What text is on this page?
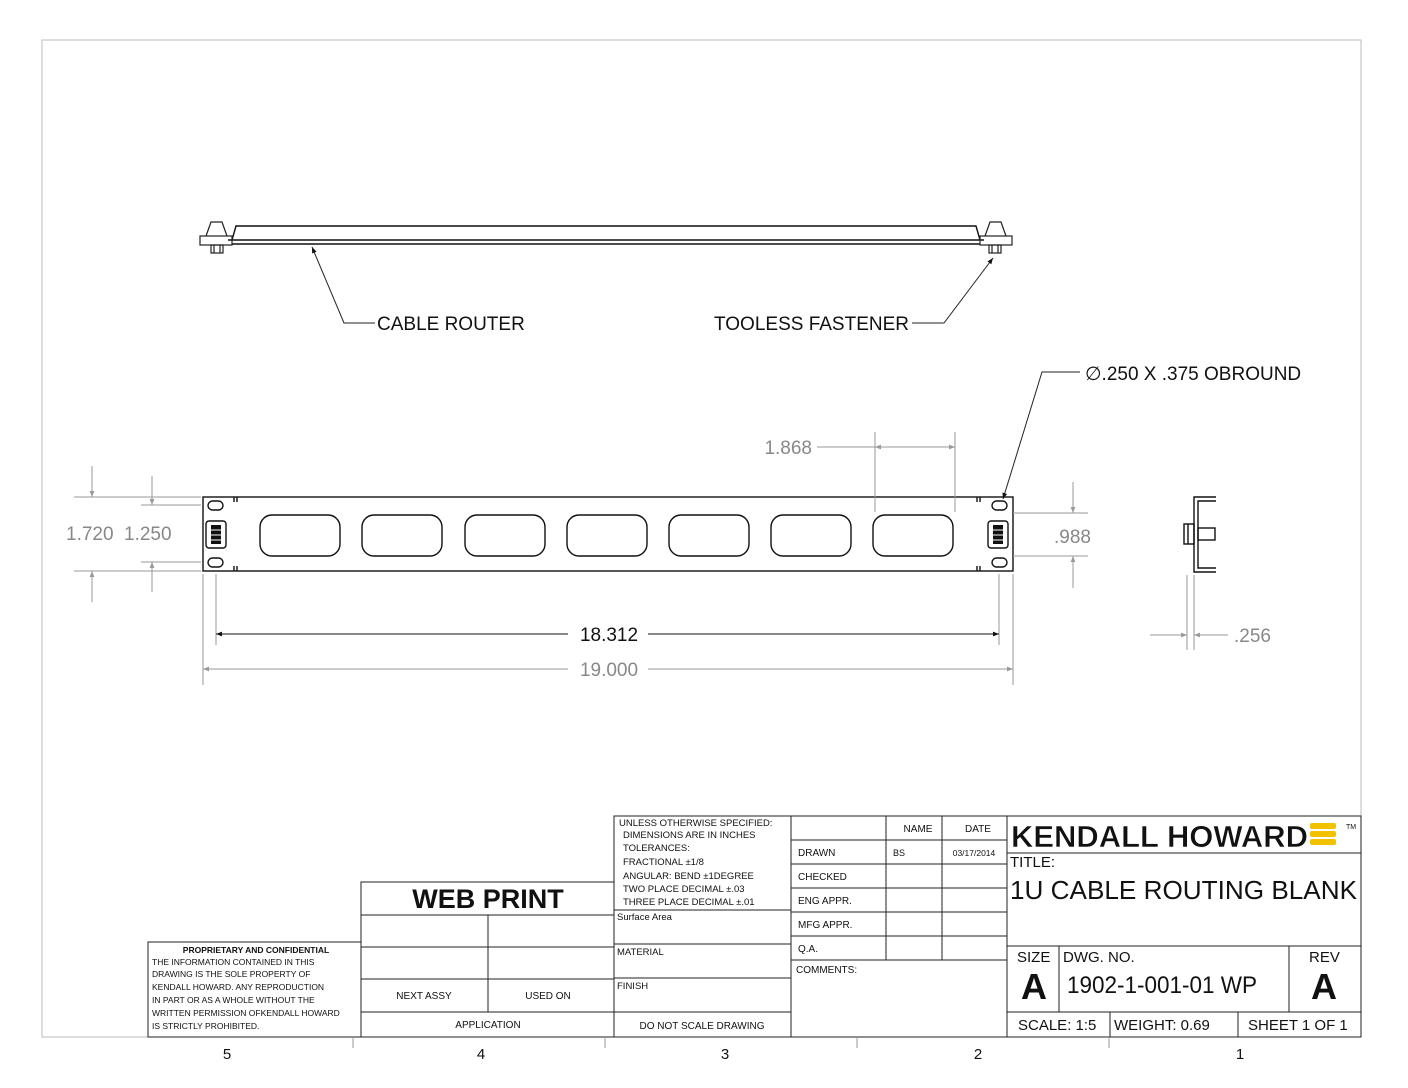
CABLE ROUTER	TOOLESS FASTENER
∅.250 X .375 OBROUND
1.868
1.720 1.250	.988
18.312
19.000
.256
PROPRIETARY AND CONFIDENTIAL
THE INFORMATION CONTAINED IN THIS
DRAWING IS THE SOLE PROPERTY OF
KENDALL HOWARD. ANY REPRODUCTION
IN PART OR AS A WHOLE WITHOUT THE
WRITTEN PERMISSION OFKENDALL HOWARD
IS STRICTLY PROHIBITED.
WEB PRINT
NEXT ASSY	USED ON
APPLICATION
UNLESS OTHERWISE SPECIFIED:
DIMENSIONS ARE IN INCHES
TOLERANCES:
FRACTIONAL ±1/8
ANGULAR: BEND ±1DEGREE
TWO PLACE DECIMAL ±.03
THREE PLACE DECIMAL ±.01
Surface Area
MATERIAL
FINISH
DO NOT SCALE DRAWING
NAME	DATE
DRAWN	BS	03/17/2014
CHECKED
ENG APPR.
MFG APPR.
Q.A.
COMMENTS:
KENDALL HOWARD	TM
TITLE:
1U CABLE ROUTING BLANK
SIZE
A
DWG. NO.
1902-1-001-01 WP
REV
A
SCALE: 1:5 WEIGHT: 0.69	SHEET 1 OF 1
5	4	3	2	1
